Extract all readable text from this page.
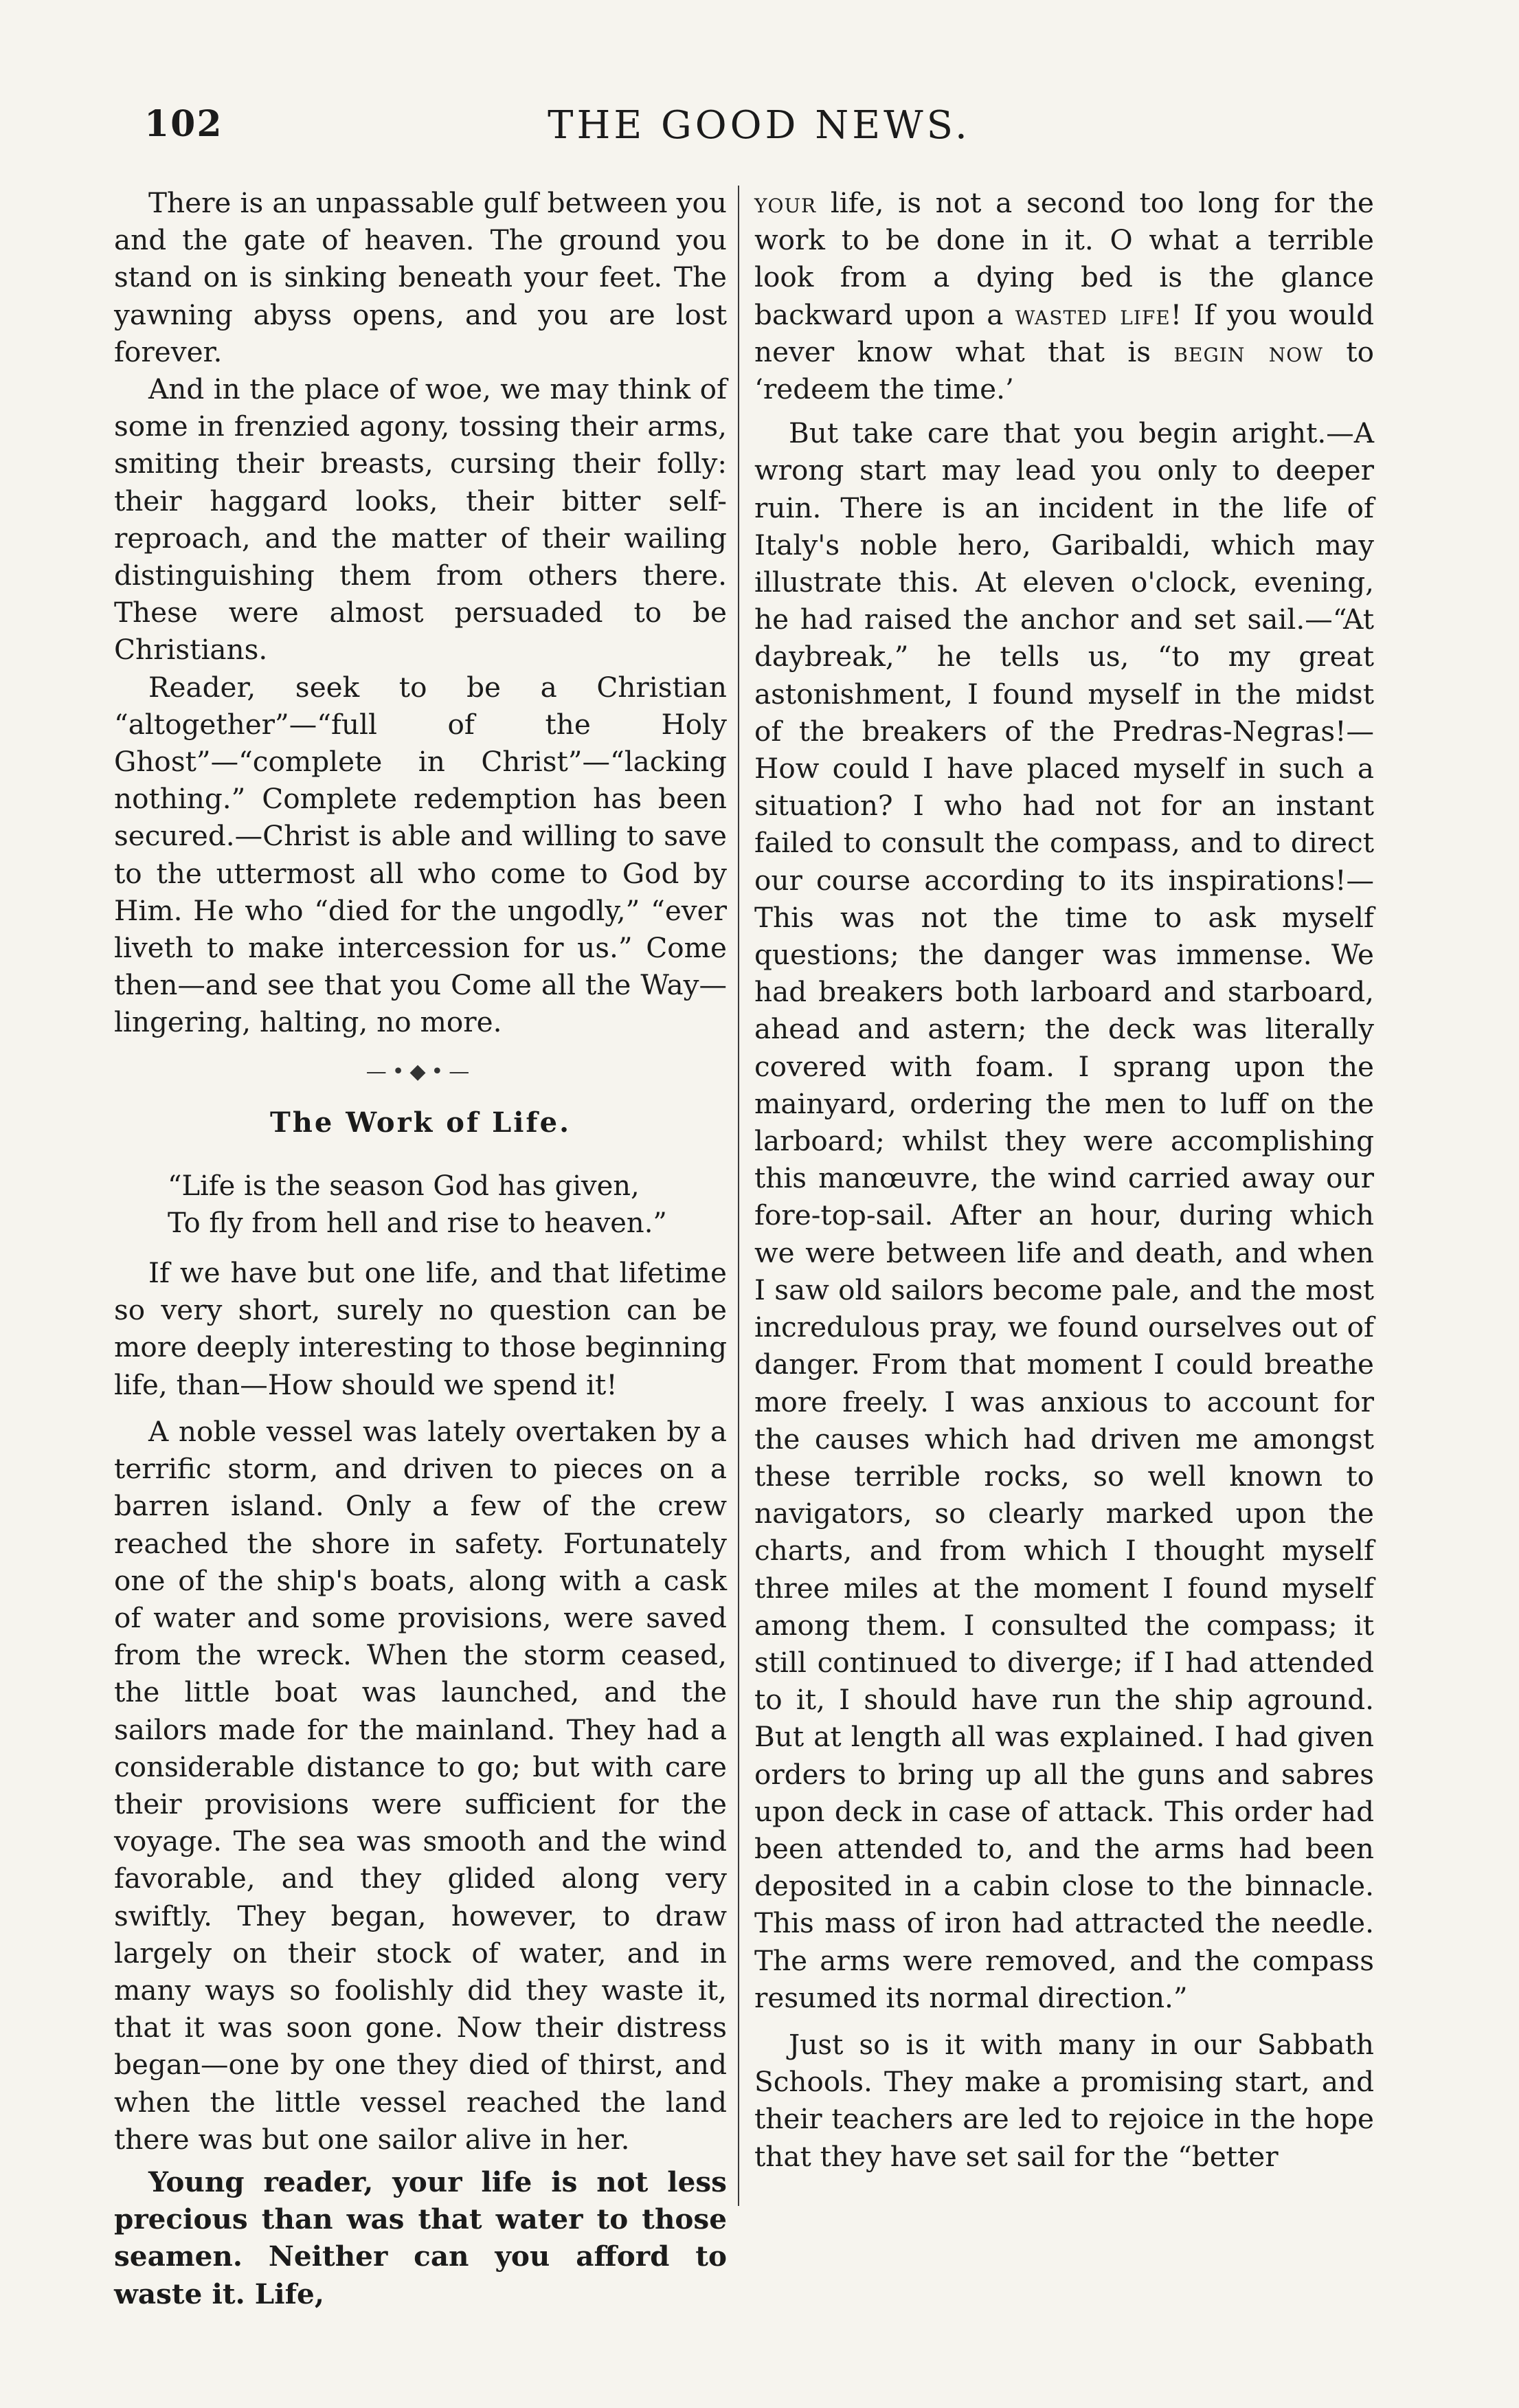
102	THE GOOD NEWS.

There is an unpassable gulf between you and the gate of heaven. The ground you stand on is sinking beneath your feet. The yawning abyss opens, and you are lost forever.

And in the place of woe, we may think of some in frenzied agony, tossing their arms, smiting their breasts, cursing their folly: their haggard looks, their bitter self-reproach, and the matter of their wailing distinguishing them from others there. These were almost persuaded to be Christians.

Reader, seek to be a Christian “altogether”—“full of the Holy Ghost”—“complete in Christ”—“lacking nothing.” Complete redemption has been secured.—Christ is able and willing to save to the uttermost all who come to God by Him. He who “died for the ungodly,” “ever liveth to make intercession for us.” Come then—and see that you Come all the Way—lingering, halting, no more.

—•◆•—
The Work of Life.
“Life is the season God has given,
To fly from hell and rise to heaven.”

If we have but one life, and that lifetime so very short, surely no question can be more deeply interesting to those beginning life, than—How should we spend it!

A noble vessel was lately overtaken by a terrific storm, and driven to pieces on a barren island. Only a few of the crew reached the shore in safety. Fortunately one of the ship's boats, along with a cask of water and some provisions, were saved from the wreck. When the storm ceased, the little boat was launched, and the sailors made for the mainland. They had a considerable distance to go; but with care their provisions were sufficient for the voyage. The sea was smooth and the wind favorable, and they glided along very swiftly. They began, however, to draw largely on their stock of water, and in many ways so foolishly did they waste it, that it was soon gone. Now their distress began—one by one they died of thirst, and when the little vessel reached the land there was but one sailor alive in her.

Young reader, your life is not less precious than was that water to those seamen. Neither can you afford to waste it. Life,

your life, is not a second too long for the work to be done in it. O what a terrible look from a dying bed is the glance backward upon a wasted life! If you would never know what that is begin now to ‘redeem the time.’

But take care that you begin aright.—A wrong start may lead you only to deeper ruin. There is an incident in the life of Italy's noble hero, Garibaldi, which may illustrate this. At eleven o'clock, evening, he had raised the anchor and set sail.—“At daybreak,” he tells us, “to my great astonishment, I found myself in the midst of the breakers of the Predras-Negras!—How could I have placed myself in such a situation? I who had not for an instant failed to consult the compass, and to direct our course according to its inspirations!—This was not the time to ask myself questions; the danger was immense. We had breakers both larboard and starboard, ahead and astern; the deck was literally covered with foam. I sprang upon the mainyard, ordering the men to luff on the larboard; whilst they were accomplishing this manœuvre, the wind carried away our fore-top-sail. After an hour, during which we were between life and death, and when I saw old sailors become pale, and the most incredulous pray, we found ourselves out of danger. From that moment I could breathe more freely. I was anxious to account for the causes which had driven me amongst these terrible rocks, so well known to navigators, so clearly marked upon the charts, and from which I thought myself three miles at the moment I found myself among them. I consulted the compass; it still continued to diverge; if I had attended to it, I should have run the ship aground. But at length all was explained. I had given orders to bring up all the guns and sabres upon deck in case of attack. This order had been attended to, and the arms had been deposited in a cabin close to the binnacle. This mass of iron had attracted the needle. The arms were removed, and the compass resumed its normal direction.”

Just so is it with many in our Sabbath Schools. They make a promising start, and their teachers are led to rejoice in the hope that they have set sail for the “better
